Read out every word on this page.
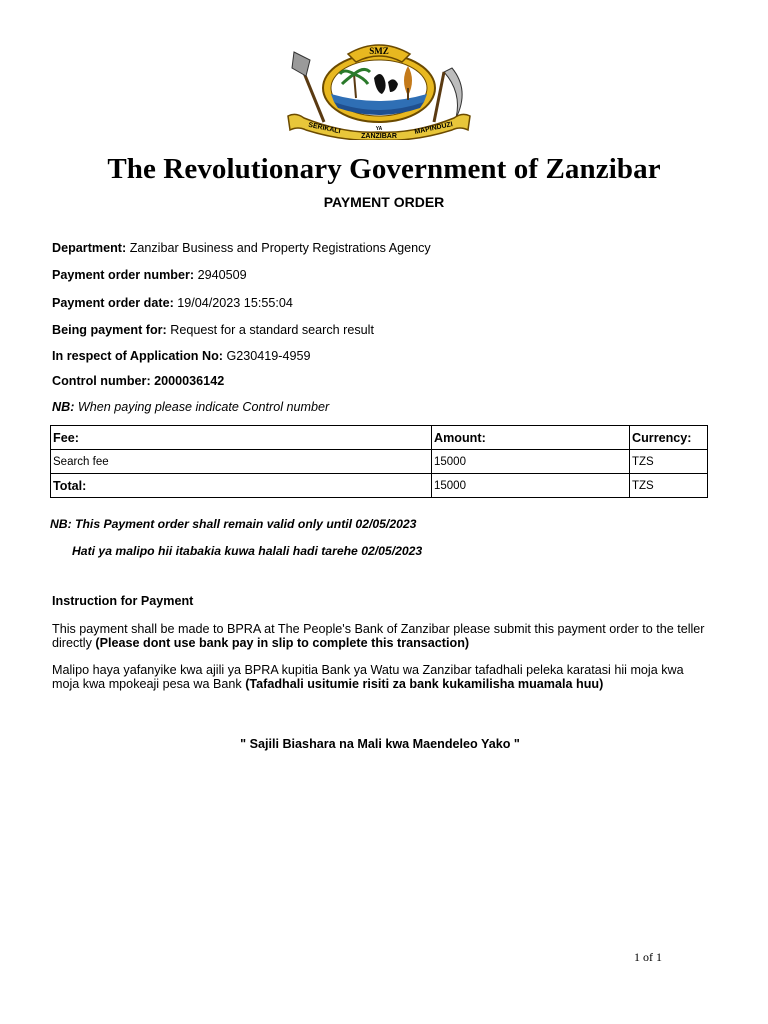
SMZ
SERIKALI	YA
ZANZIBAR
MAPINDUZI
The Revolutionary Government of Zanzibar
PAYMENT ORDER
Department: Zanzibar Business and Property Registrations Agency
Payment order number: 2940509
Payment order date: 19/04/2023 15:55:04
Being payment for: Request for a standard search result
In respect of Application No: G230419-4959
Control number: 2000036142
NB: When paying please indicate Control number
Fee:	Amount:	Currency:
Search fee	15000	TZS
Total:	15000	TZS
NB: This Payment order shall remain valid only until 02/05/2023
Hati ya malipo hii itabakia kuwa halali hadi tarehe 02/05/2023
Instruction for Payment
This payment shall be made to BPRA at The People's Bank of Zanzibar please submit this payment order to the teller directly (Please dont use bank pay in slip to complete this transaction)
Malipo haya yafanyike kwa ajili ya BPRA kupitia Bank ya Watu wa Zanzibar tafadhali peleka karatasi hii moja kwa moja kwa mpokeaji pesa wa Bank (Tafadhali usitumie risiti za bank kukamilisha muamala huu)
" Sajili Biashara na Mali kwa Maendeleo Yako "
1 of 1
